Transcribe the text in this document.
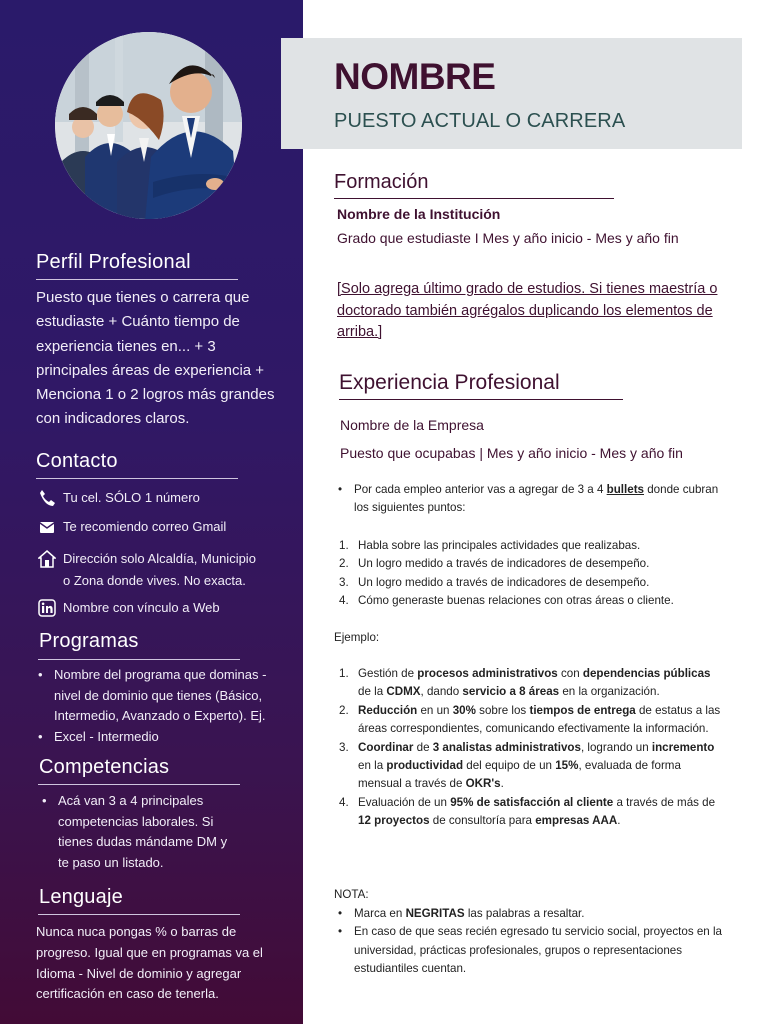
Perfil Profesional
Puesto que tienes o carrera que estudiaste + Cuánto tiempo de experiencia tienes en... + 3 principales áreas de experiencia + Menciona 1 o 2 logros más grandes con indicadores claros.
Contacto
Tu cel. SÓLO 1 número
Te recomiendo correo Gmail
Dirección solo Alcaldía, Municipio
o Zona donde vives. No exacta.
Nombre con vínculo a Web
Programas
• Nombre del programa que dominas - nivel de dominio que tienes (Básico, Intermedio, Avanzado o Experto). Ej.
• Excel - Intermedio
Competencias
• Acá van 3 a 4 principales competencias laborales. Si tienes dudas mándame DM y te paso un listado.
Lenguaje
Nunca nuca pongas % o barras de progreso. Igual que en programas va el Idioma - Nivel de dominio y agregar certificación en caso de tenerla.
NOMBRE
PUESTO ACTUAL O CARRERA
Formación
Nombre de la Institución
Grado que estudiaste I Mes y año inicio - Mes y año fin
[Solo agrega último grado de estudios. Si tienes maestría o doctorado también agrégalos duplicando los elementos de arriba.]
Experiencia Profesional
Nombre de la Empresa
Puesto que ocupabas | Mes y año inicio - Mes y año fin
• Por cada empleo anterior vas a agregar de 3 a 4 bullets donde cubran los siguientes puntos:
1. Habla sobre las principales actividades que realizabas.
2. Un logro medido a través de indicadores de desempeño.
3. Un logro medido a través de indicadores de desempeño.
4. Cómo generaste buenas relaciones con otras áreas o cliente.
Ejemplo:
1. Gestión de procesos administrativos con dependencias públicas de la CDMX, dando servicio a 8 áreas en la organización.
2. Reducción en un 30% sobre los tiempos de entrega de estatus a las áreas correspondientes, comunicando efectivamente la información.
3. Coordinar de 3 analistas administrativos, logrando un incremento en la productividad del equipo de un 15%, evaluada de forma mensual a través de OKR's.
4. Evaluación de un 95% de satisfacción al cliente a través de más de 12 proyectos de consultoría para empresas AAA.
NOTA:
• Marca en NEGRITAS las palabras a resaltar.
• En caso de que seas recién egresado tu servicio social, proyectos en la universidad, prácticas profesionales, grupos o representaciones estudiantiles cuentan.
